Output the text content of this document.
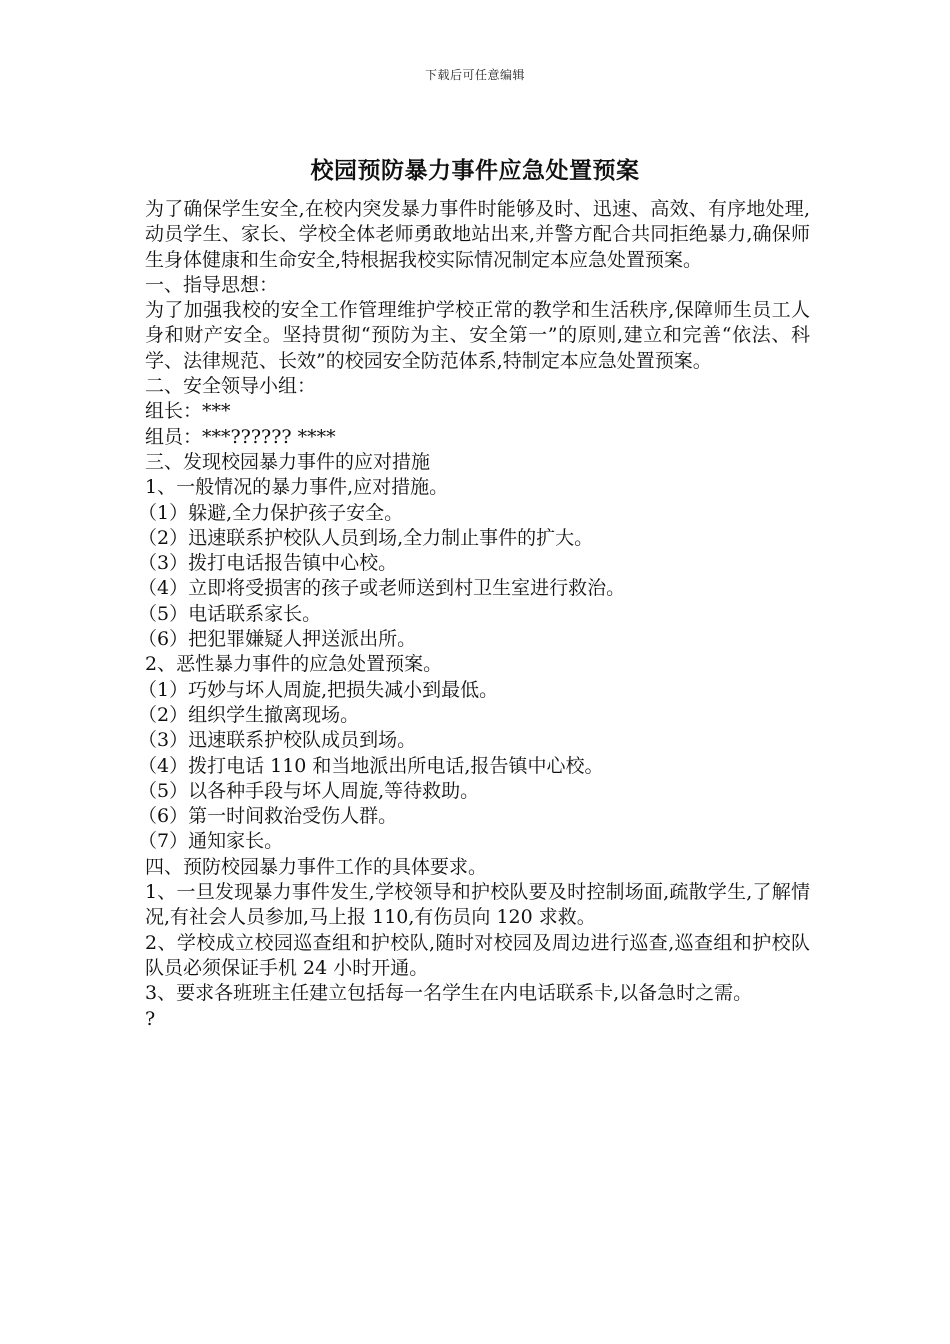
下载后可任意编辑
校园预防暴力事件应急处置预案

为了确保学生安全,在校内突发暴力事件时能够及时、迅速、高效、有序地处理,动员学生、家长、学校全体老师勇敢地站出来,并警方配合共同拒绝暴力,确保师生身体健康和生命安全,特根据我校实际情况制定本应急处置预案。

一、指导思想：

为了加强我校的安全工作管理维护学校正常的教学和生活秩序,保障师生员工人身和财产安全。坚持贯彻“预防为主、安全第一”的原则,建立和完善“依法、科学、法律规范、长效”的校园安全防范体系,特制定本应急处置预案。

二、安全领导小组：

组长：***

组员：***?????? ****

三、发现校园暴力事件的应对措施

1、一般情况的暴力事件,应对措施。

（1）躲避,全力保护孩子安全。

（2）迅速联系护校队人员到场,全力制止事件的扩大。

（3）拨打电话报告镇中心校。

（4）立即将受损害的孩子或老师送到村卫生室进行救治。

（5）电话联系家长。

（6）把犯罪嫌疑人押送派出所。

2、恶性暴力事件的应急处置预案。

（1）巧妙与坏人周旋,把损失减小到最低。

（2）组织学生撤离现场。

（3）迅速联系护校队成员到场。

（4）拨打电话 110 和当地派出所电话,报告镇中心校。

（5）以各种手段与坏人周旋,等待救助。

（6）第一时间救治受伤人群。

（7）通知家长。

四、预防校园暴力事件工作的具体要求。

1、一旦发现暴力事件发生,学校领导和护校队要及时控制场面,疏散学生,了解情况,有社会人员参加,马上报 110,有伤员向 120 求救。

2、学校成立校园巡查组和护校队,随时对校园及周边进行巡查,巡查组和护校队队员必须保证手机 24 小时开通。

3、要求各班班主任建立包括每一名学生在内电话联系卡,以备急时之需。

?
